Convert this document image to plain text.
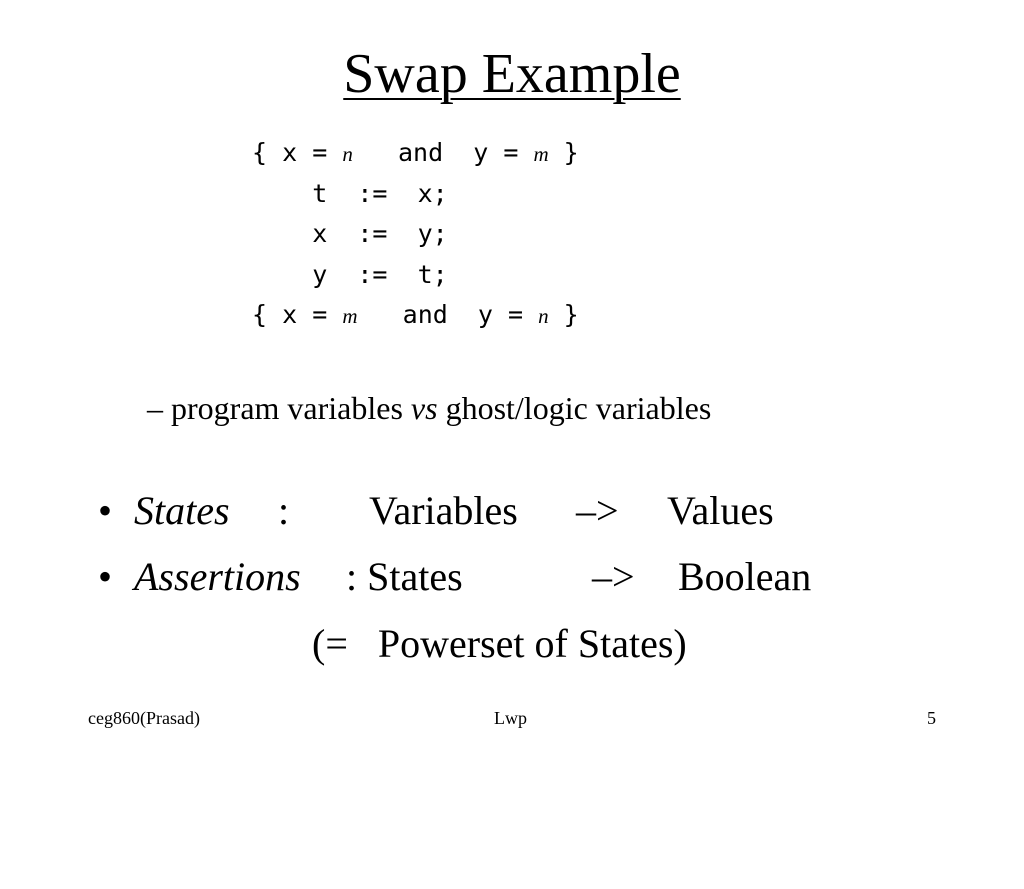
Swap Example
{ x = n   and  y = m }
t  :=  x;
x  :=  y;
y  :=  t;
{ x = m   and  y = n }
– program variables vs ghost/logic variables

•

States

:

Variables

–>

Values

•

Assertions

: States

	–>

Boolean

(=   Powerset of States)
ceg860(Prasad)	Lwp	5
